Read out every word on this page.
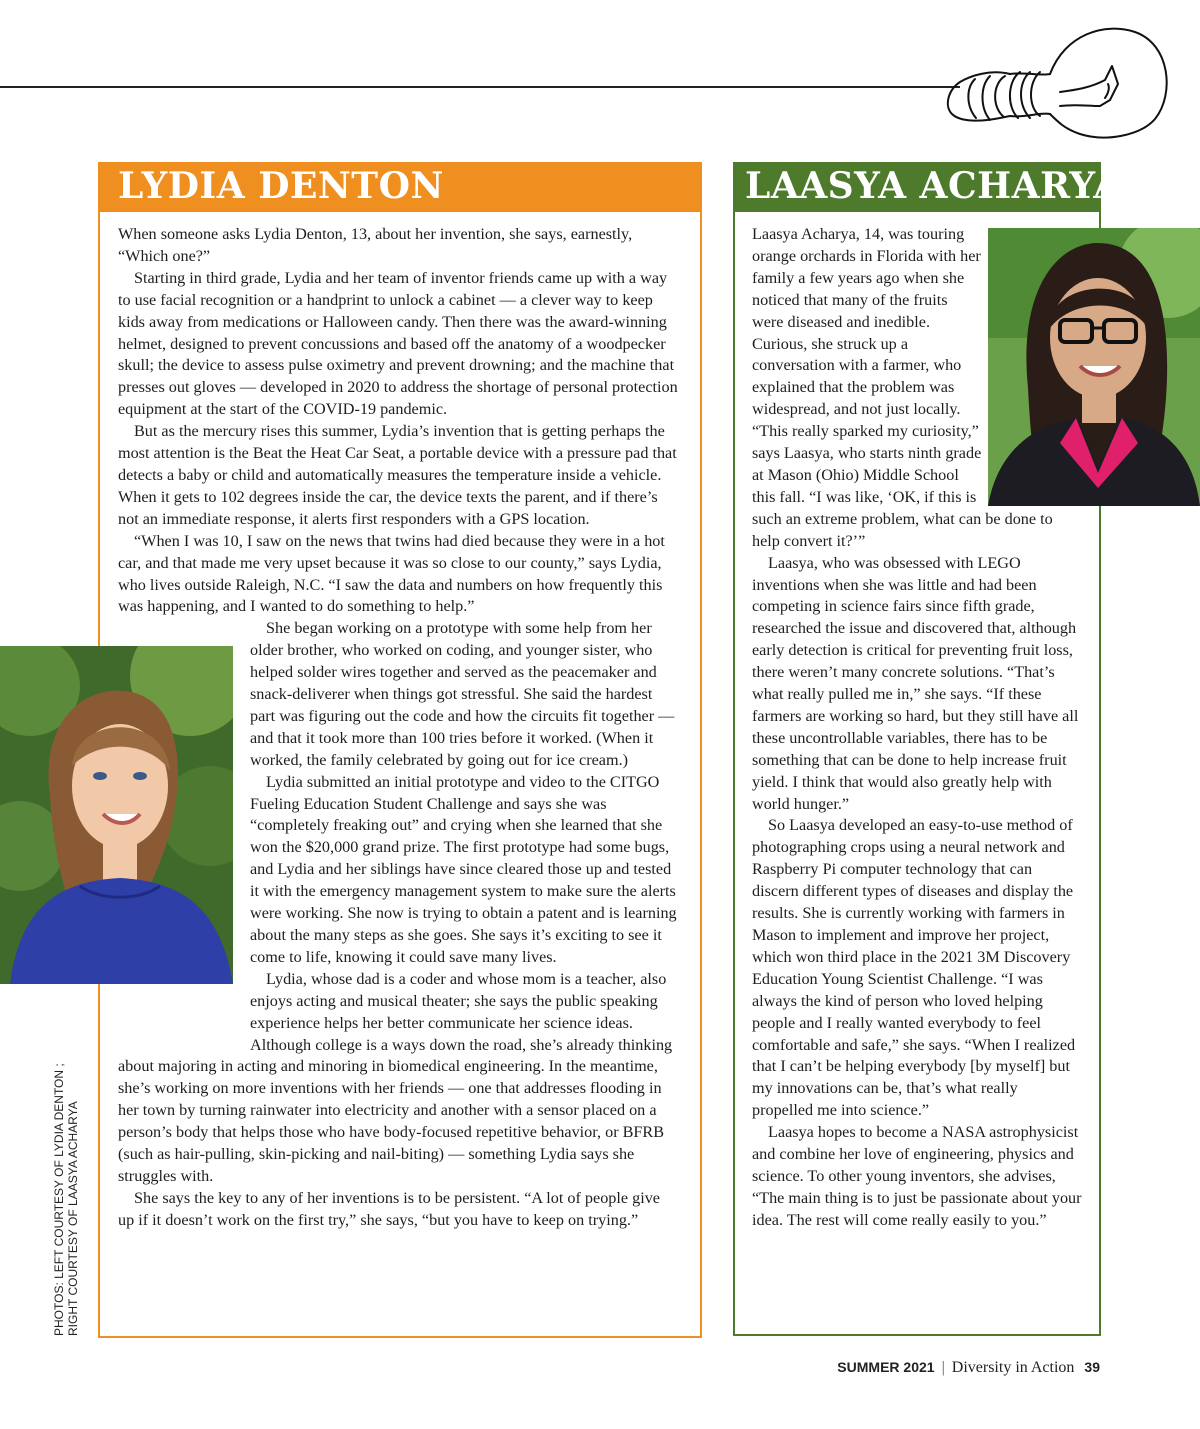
LYDIA DENTON	LAASYA ACHARYA

When someone asks Lydia Denton, 13, about her invention, she says, earnestly, “Which one?”

Starting in third grade, Lydia and her team of inventor friends came up with a way to use facial recognition or a handprint to unlock a cabinet — a clever way to keep kids away from medications or Halloween candy. Then there was the award-winning helmet, designed to prevent concussions and based off the anatomy of a woodpecker skull; the device to assess pulse oximetry and prevent drowning; and the machine that presses out gloves — developed in 2020 to address the shortage of personal protection equipment at the start of the COVID-19 pandemic.

But as the mercury rises this summer, Lydia’s invention that is getting perhaps the most attention is the Beat the Heat Car Seat, a portable device with a pressure pad that detects a baby or child and automatically measures the temperature inside a vehicle. When it gets to 102 degrees inside the car, the device texts the parent, and if there’s not an immediate response, it alerts first responders with a GPS location.

“When I was 10, I saw on the news that twins had died because they were in a hot car, and that made me very upset because it was so close to our county,” says Lydia, who lives outside Raleigh, N.C. “I saw the data and numbers on how frequently this was happening, and I wanted to do something to help.”

She began working on a prototype with some help from her older brother, who worked on coding, and younger sister, who helped solder wires together and served as the peacemaker and snack-deliverer when things got stressful. She said the hardest part was figuring out the code and how the circuits fit together — and that it took more than 100 tries before it worked. (When it worked, the family celebrated by going out for ice cream.)

Lydia submitted an initial prototype and video to the CITGO Fueling Education Student Challenge and says she was “completely freaking out” and crying when she learned that she won the $20,000 grand prize. The first prototype had some bugs, and Lydia and her siblings have since cleared those up and tested it with the emergency management system to make sure the alerts were working. She now is trying to obtain a patent and is learning about the many steps as she goes. She says it’s exciting to see it come to life, knowing it could save many lives.

Lydia, whose dad is a coder and whose mom is a teacher, also enjoys acting and musical theater; she says the public speaking experience helps her better communicate her science ideas. Although college is a ways down the road, she’s already thinking about majoring in acting and minoring in biomedical engineering. In the meantime, she’s working on more inventions with her friends — one that addresses flooding in her town by turning rainwater into electricity and another with a sensor placed on a person’s body that helps those who have body-focused repetitive behavior, or BFRB (such as hair-pulling, skin-picking and nail-biting) — something Lydia says she struggles with.

She says the key to any of her inventions is to be persistent. “A lot of people give up if it doesn’t work on the first try,” she says, “but you have to keep on trying.”

Laasya Acharya, 14, was touring orange orchards in Florida with her family a few years ago when she noticed that many of the fruits were diseased and inedible. Curious, she struck up a conversation with a farmer, who explained that the problem was widespread, and not just locally. “This really sparked my curiosity,” says Laasya, who starts ninth grade at Mason (Ohio) Middle School this fall. “I was like, ‘OK, if this is such an extreme problem, what can be done to help convert it?’”

Laasya, who was obsessed with LEGO inventions when she was little and had been competing in science fairs since fifth grade, researched the issue and discovered that, although early detection is critical for preventing fruit loss, there weren’t many concrete solutions. “That’s what really pulled me in,” she says. “If these farmers are working so hard, but they still have all these uncontrollable variables, there has to be something that can be done to help increase fruit yield. I think that would also greatly help with world hunger.”

So Laasya developed an easy-to-use method of photographing crops using a neural network and Raspberry Pi computer technology that can discern different types of diseases and display the results. She is currently working with farmers in Mason to implement and improve her project, which won third place in the 2021 3M Discovery Education Young Scientist Challenge. “I was always the kind of person who loved helping people and I really wanted everybody to feel comfortable and safe,” she says. “When I realized that I can’t be helping everybody [by myself] but my innovations can be, that’s what really propelled me into science.”

Laasya hopes to become a NASA astrophysicist and combine her love of engineering, physics and science. To other young inventors, she advises, “The main thing is to just be passionate about your idea. The rest will come really easily to you.”

PHOTOS: LEFT COURTESY OF LYDIA DENTON ; RIGHT COURTESY OF LAASYA ACHARYA
SUMMER 2021 | Diversity in Action 39
